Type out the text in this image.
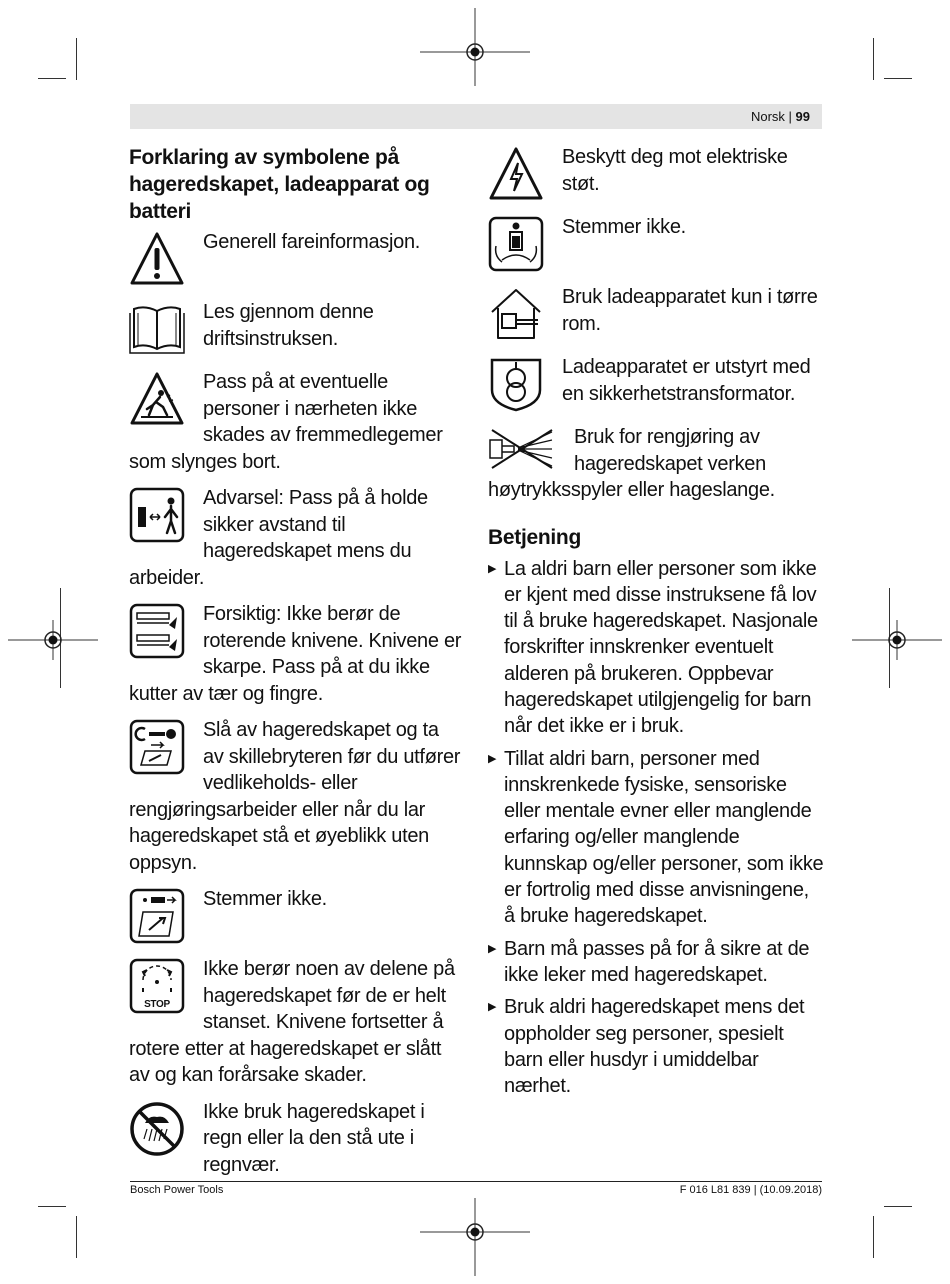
Norsk | 99
Forklaring av symbolene på hageredskapet, ladeapparat og batteri
Generell fareinformasjon.
Les gjennom denne driftsinstruksen.
Pass på at eventuelle personer i nærheten ikke skades av fremmedlegemer som slynges bort.
Advarsel: Pass på å holde sikker avstand til hageredskapet mens du arbeider.
Forsiktig: Ikke berør de roterende knivene. Knivene er skarpe. Pass på at du ikke kutter av tær og fingre.
Slå av hageredskapet og ta av skillebryteren før du utfører vedlikeholds- eller rengjøringsarbeider eller når du lar hageredskapet stå et øyeblikk uten oppsyn.
Stemmer ikke.
STOP
Ikke berør noen av delene på hageredskapet før de er helt stanset. Knivene fortsetter å rotere etter at hageredskapet er slått av og kan forårsake skader.
Ikke bruk hageredskapet i regn eller la den stå ute i regnvær.
Beskytt deg mot elektriske støt.
Stemmer ikke.
Bruk ladeapparatet kun i tørre rom.
Ladeapparatet er utstyrt med en sikkerhetstransformator.
Bruk for rengjøring av hageredskapet verken høytrykksspyler eller hageslange.
Betjening
▶ La aldri barn eller personer som ikke er kjent med disse instruksene få lov til å bruke hageredskapet. Nasjonale forskrifter innskrenker eventuelt alderen på brukeren. Oppbevar hageredskapet utilgjengelig for barn når det ikke er i bruk.
▶ Tillat aldri barn, personer med innskrenkede fysiske, sensoriske eller mentale evner eller manglende erfaring og/eller manglende kunnskap og/eller personer, som ikke er fortrolig med disse anvisningene, å bruke hageredskapet.
▶ Barn må passes på for å sikre at de ikke leker med hageredskapet.
▶ Bruk aldri hageredskapet mens det oppholder seg personer, spesielt barn eller husdyr i umiddelbar nærhet.
Bosch Power Tools	F 016 L81 839 | (10.09.2018)
